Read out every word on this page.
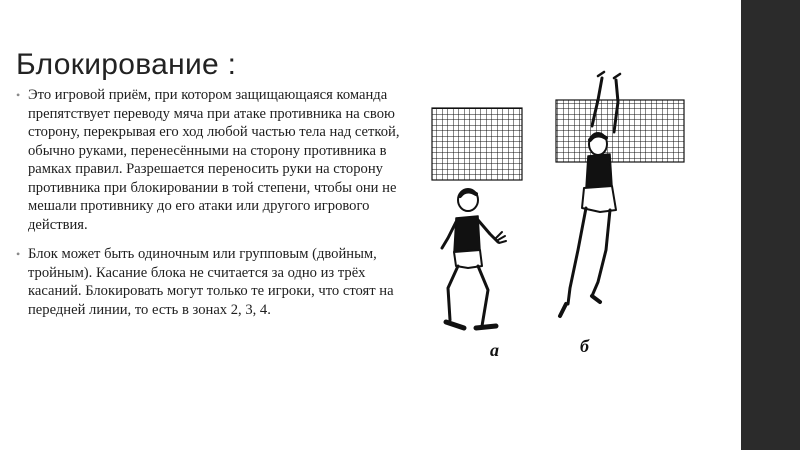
Блокирование :

• Это игровой приём, при котором защищающаяся команда препятствует переводу мяча при атаке противника на свою сторону, перекрывая его ход любой частью тела над сеткой, обычно руками, перенесёнными на сторону противника в рамках правил. Разрешается переносить руки на сторону противника при блокировании в той степени, чтобы они не мешали противнику до его атаки или другого игрового действия.

• Блок может быть одиночным или групповым (двойным, тройным). Касание блока не считается за одно из трёх касаний. Блокировать могут только те игроки, что стоят на передней линии, то есть в зонах 2, 3, 4.

а	б
